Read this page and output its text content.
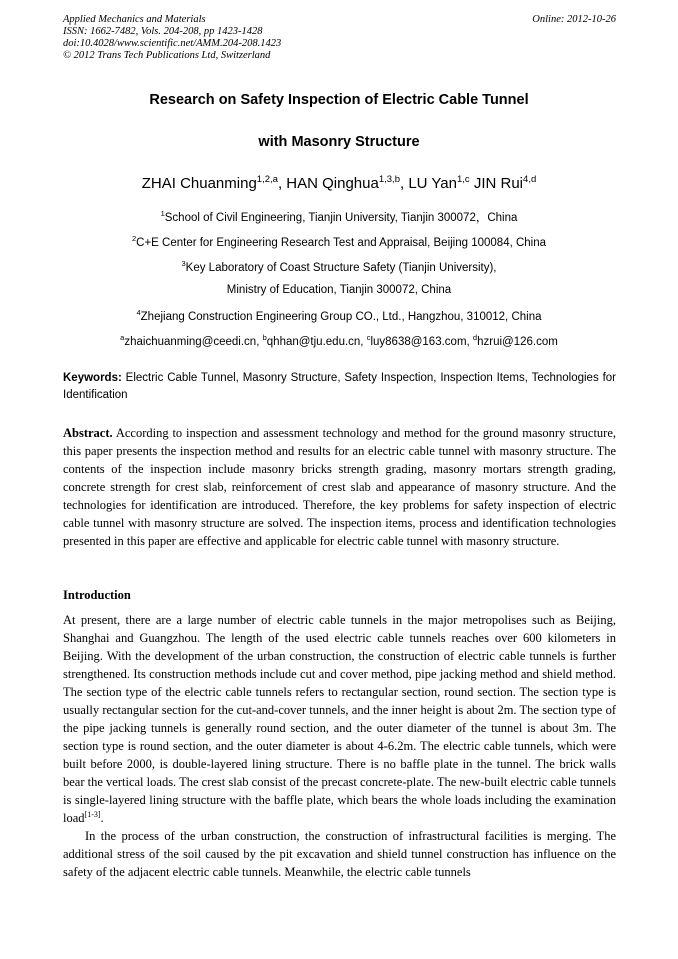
Applied Mechanics and Materials
ISSN: 1662-7482, Vols. 204-208, pp 1423-1428
doi:10.4028/www.scientific.net/AMM.204-208.1423
© 2012 Trans Tech Publications Ltd, Switzerland
Online: 2012-10-26
Research on Safety Inspection of Electric Cable Tunnel
with Masonry Structure
ZHAI Chuanming$^{1,2,a}$, HAN Qinghua$^{1,3,b}$, LU Yan$^{1,c}$ JIN Rui$^{4,d}$
$^1$School of Civil Engineering, Tianjin University, Tianjin 300072，China
$^2$C+E Center for Engineering Research Test and Appraisal, Beijing 100084, China
$^3$Key Laboratory of Coast Structure Safety (Tianjin University),
Ministry of Education, Tianjin 300072, China
$^4$Zhejiang Construction Engineering Group CO., Ltd., Hangzhou, 310012, China
$^a$zhaichuanming@ceedi.cn, $^b$qhhan@tju.edu.cn, $^c$luy8638@163.com, $^d$hzrui@126.com
Keywords: Electric Cable Tunnel, Masonry Structure, Safety Inspection, Inspection Items, Technologies for Identification
Abstract. According to inspection and assessment technology and method for the ground masonry structure, this paper presents the inspection method and results for an electric cable tunnel with masonry structure. The contents of the inspection include masonry bricks strength grading, masonry mortars strength grading, concrete strength for crest slab, reinforcement of crest slab and appearance of masonry structure. And the technologies for identification are introduced. Therefore, the key problems for safety inspection of electric cable tunnel with masonry structure are solved. The inspection items, process and identification technologies presented in this paper are effective and applicable for electric cable tunnel with masonry structure.
Introduction

At present, there are a large number of electric cable tunnels in the major metropolises such as Beijing, Shanghai and Guangzhou. The length of the used electric cable tunnels reaches over 600 kilometers in Beijing. With the development of the urban construction, the construction of electric cable tunnels is further strengthened. Its construction methods include cut and cover method, pipe jacking method and shield method. The section type of the electric cable tunnels refers to rectangular section, round section. The section type is usually rectangular section for the cut-and-cover tunnels, and the inner height is about 2m. The section type of the pipe jacking tunnels is generally round section, and the outer diameter of the tunnel is about 3m. The section type is round section, and the outer diameter is about 4-6.2m. The electric cable tunnels, which were built before 2000, is double-layered lining structure. There is no baffle plate in the tunnel. The brick walls bear the vertical loads. The crest slab consist of the precast concrete-plate. The new-built electric cable tunnels is single-layered lining structure with the baffle plate, which bears the whole loads including the examination load[1-3].

In the process of the urban construction, the construction of infrastructural facilities is merging. The additional stress of the soil caused by the pit excavation and shield tunnel construction has influence on the safety of the adjacent electric cable tunnels. Meanwhile, the electric cable tunnels
